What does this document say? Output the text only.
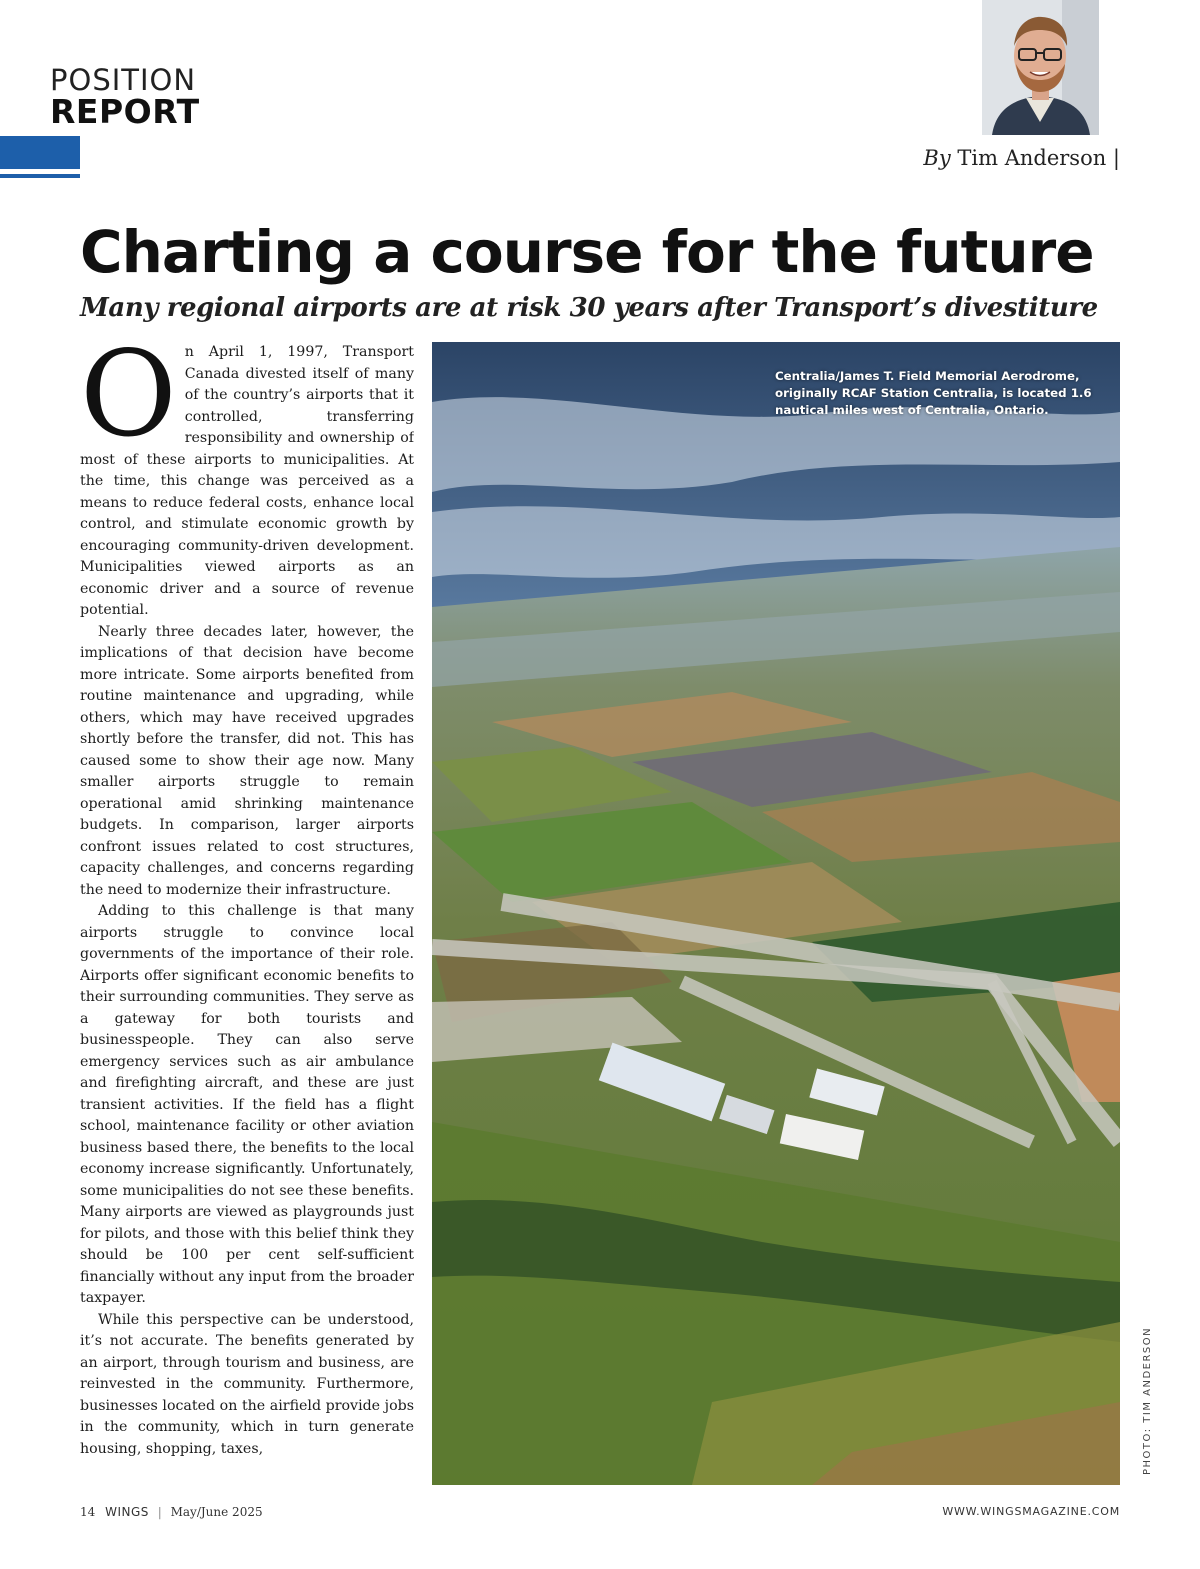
POSITION
REPORT
By Tim Anderson |
Charting a course for the future
Many regional airports are at risk 30 years after Transport’s divestiture

On April 1, 1997, Transport Canada divested itself of many of the country’s airports that it controlled, transferring responsibility and ownership of most of these airports to municipalities. At the time, this change was perceived as a means to reduce federal costs, enhance local control, and stimulate economic growth by encouraging community-driven development. Municipalities viewed airports as an economic driver and a source of revenue potential.

Nearly three decades later, however, the implications of that decision have become more intricate. Some airports benefited from routine maintenance and upgrading, while others, which may have received upgrades shortly before the transfer, did not. This has caused some to show their age now. Many smaller airports struggle to remain operational amid shrinking maintenance budgets. In comparison, larger airports confront issues related to cost structures, capacity challenges, and concerns regarding the need to modernize their infrastructure.

Adding to this challenge is that many airports struggle to convince local governments of the importance of their role. Airports offer significant economic benefits to their surrounding communities. They serve as a gateway for both tourists and businesspeople. They can also serve emergency services such as air ambulance and firefighting aircraft, and these are just transient activities. If the field has a flight school, maintenance facility or other aviation business based there, the benefits to the local economy increase significantly. Unfortunately, some municipalities do not see these benefits. Many airports are viewed as playgrounds just for pilots, and those with this belief think they should be 100 per cent self-sufficient financially without any input from the broader taxpayer.

While this perspective can be understood, it’s not accurate. The benefits generated by an airport, through tourism and business, are reinvested in the community. Furthermore, businesses located on the airfield provide jobs in the community, which in turn generate housing, shopping, taxes,

Centralia/James T. Field Memorial Aerodrome, originally RCAF Station Centralia, is located 1.6 nautical miles west of Centralia, Ontario.
PHOTO: TIM ANDERSON
14 WINGS | May/June 2025	WWW.WINGSMAGAZINE.COM
